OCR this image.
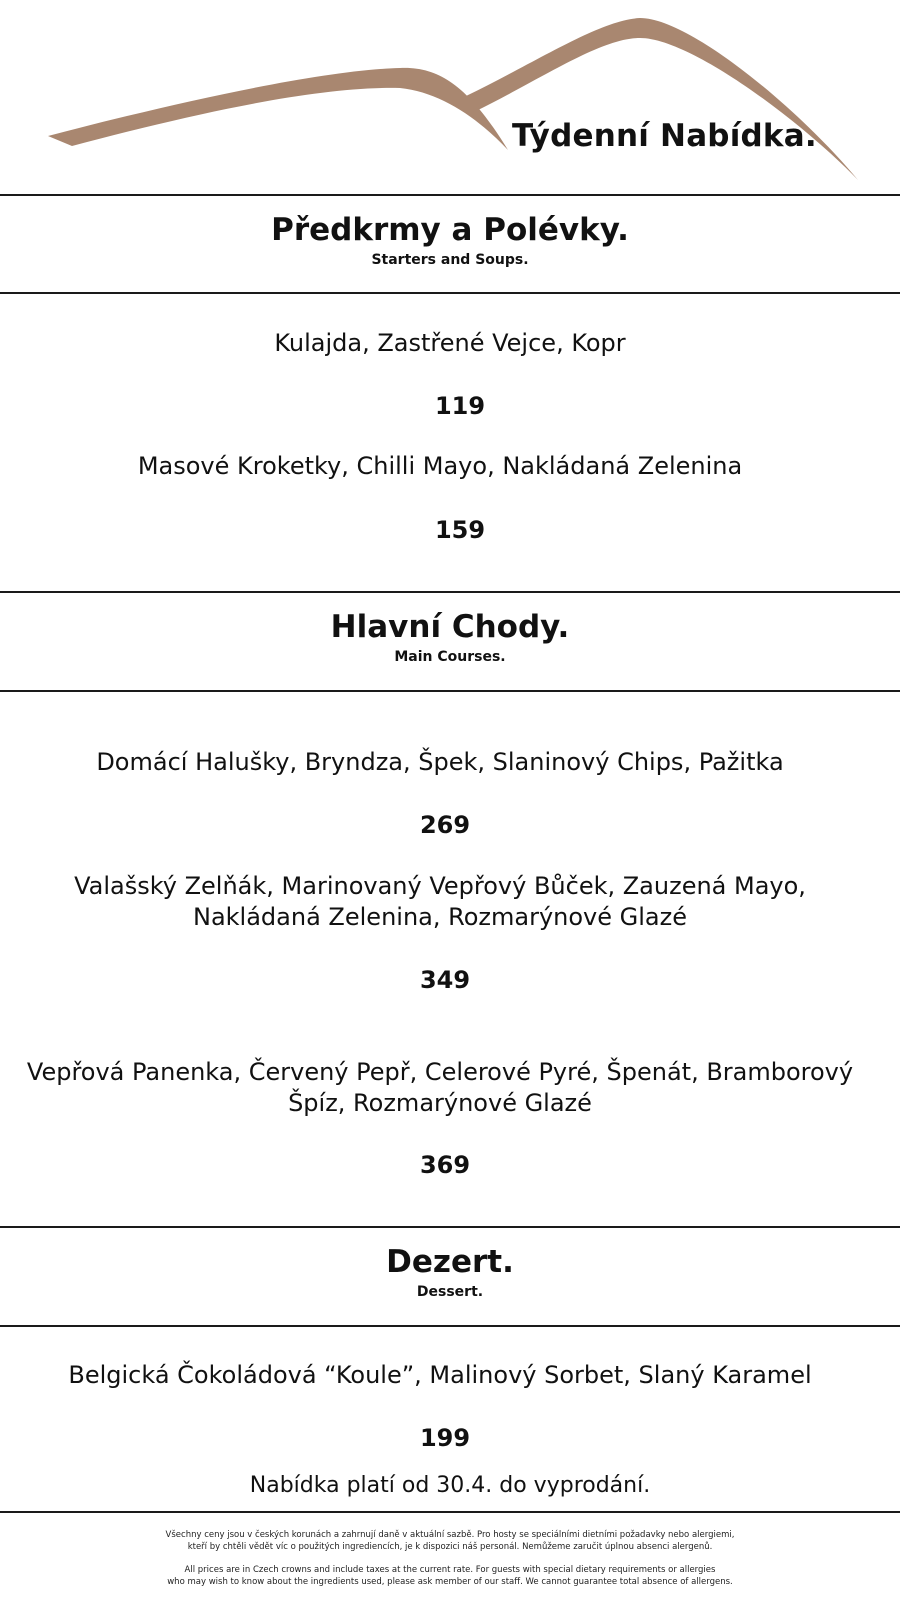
Týdenní Nabídka.
Předkrmy a Polévky.
Starters and Soups.
Kulajda, Zastřené Vejce, Kopr
119
Masové Kroketky, Chilli Mayo, Nakládaná Zelenina
159
Hlavní Chody.
Main Courses.
Domácí Halušky, Bryndza, Špek, Slaninový Chips, Pažitka
269
Valašský Zelňák, Marinovaný Vepřový Bůček, Zauzená Mayo,
Nakládaná Zelenina, Rozmarýnové Glazé
349
Vepřová Panenka, Červený Pepř, Celerové Pyré, Špenát, Bramborový
Špíz, Rozmarýnové Glazé
369
Dezert.
Dessert.
Belgická Čokoládová “Koule”, Malinový Sorbet, Slaný Karamel
199
Nabídka platí od 30.4. do vyprodání.
Všechny ceny jsou v českých korunách a zahrnují daně v aktuální sazbě. Pro hosty se speciálními dietními požadavky nebo alergiemi,
kteří by chtěli vědět víc o použitých ingrediencích, je k dispozici náš personál. Nemůžeme zaručit úplnou absenci alergenů.
All prices are in Czech crowns and include taxes at the current rate. For guests with special dietary requirements or allergies
who may wish to know about the ingredients used, please ask member of our staff. We cannot guarantee total absence of allergens.
